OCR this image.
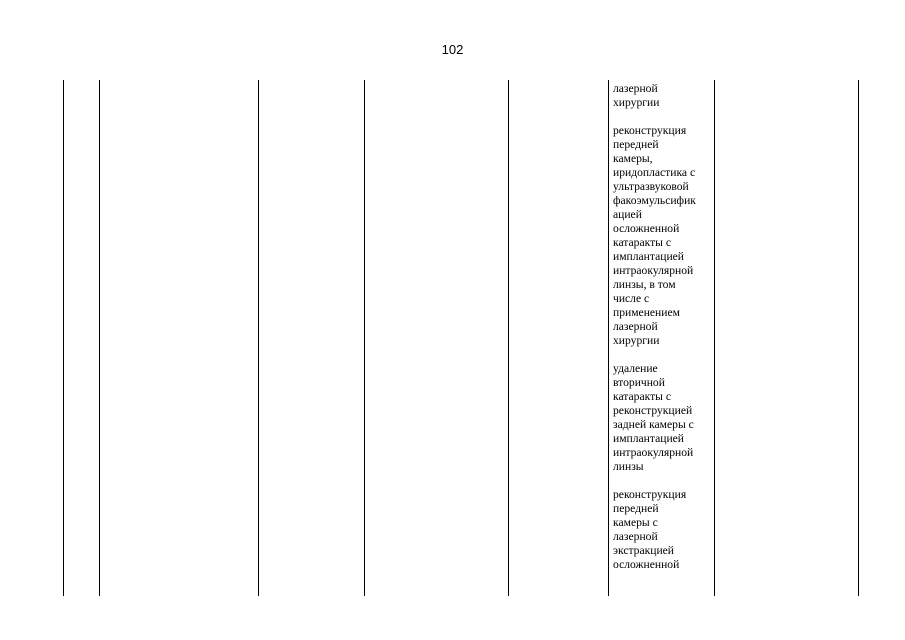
102

лазерной
хирургии

реконструкция
передней
камеры,
иридопластика с
ультразвуковой
факоэмульсифик
ацией
осложненной
катаракты с
имплантацией
интраокулярной
линзы, в том
числе с
применением
лазерной
хирургии

удаление
вторичной
катаракты с
реконструкцией
задней камеры с
имплантацией
интраокулярной
линзы

реконструкция
передней
камеры с
лазерной
экстракцией
осложненной
